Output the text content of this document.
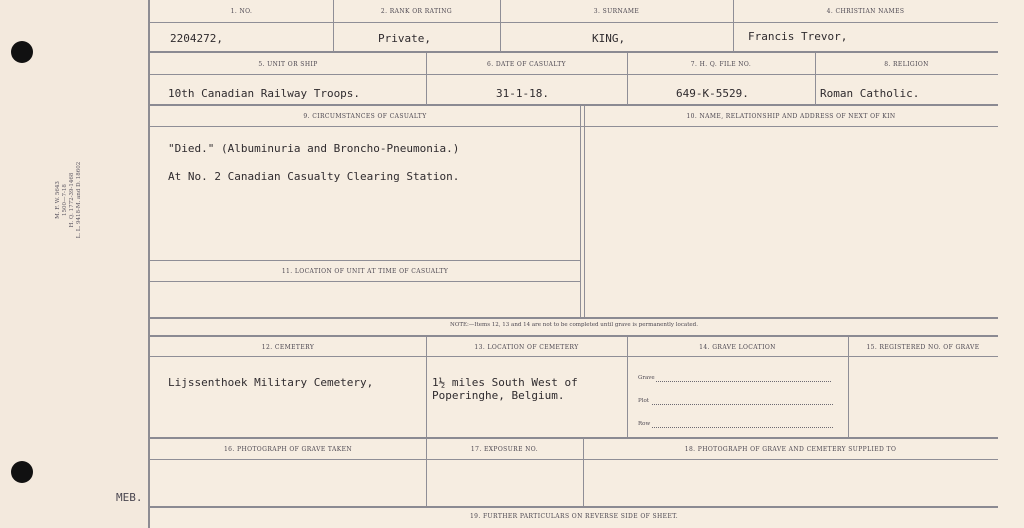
M. F. W. 5643 1500—7-18 H. Q. 1772-39-1468 L. L. 9418-M. and D. 18602
MEB.
1. NO.	2. RANK OR RATING	3. SURNAME	4. CHRISTIAN NAMES
2204272,	Private,	KING,	Francis Trevor,
5. UNIT OR SHIP	6. DATE OF CASUALTY	7. H. Q. FILE NO.	8. RELIGION
10th Canadian Railway Troops.	31-1-18.	649-K-5529.	Roman Catholic.
9. CIRCUMSTANCES OF CASUALTY	10. NAME, RELATIONSHIP AND ADDRESS OF NEXT OF KIN
"Died." (Albuminuria and Broncho-Pneumonia.)
At No. 2 Canadian Casualty Clearing Station.
11. LOCATION OF UNIT AT TIME OF CASUALTY
NOTE:—Items 12, 13 and 14 are not to be completed until grave is permanently located.
12. CEMETERY	13. LOCATION OF CEMETERY	14. GRAVE LOCATION	15. REGISTERED NO. OF GRAVE
Lijssenthoek Military Cemetery,	1½ miles South West of
Poperinghe, Belgium.
Grave
Plot
Row
16. PHOTOGRAPH OF GRAVE TAKEN	17. EXPOSURE NO.	18. PHOTOGRAPH OF GRAVE AND CEMETERY SUPPLIED TO
19. FURTHER PARTICULARS ON REVERSE SIDE OF SHEET.
